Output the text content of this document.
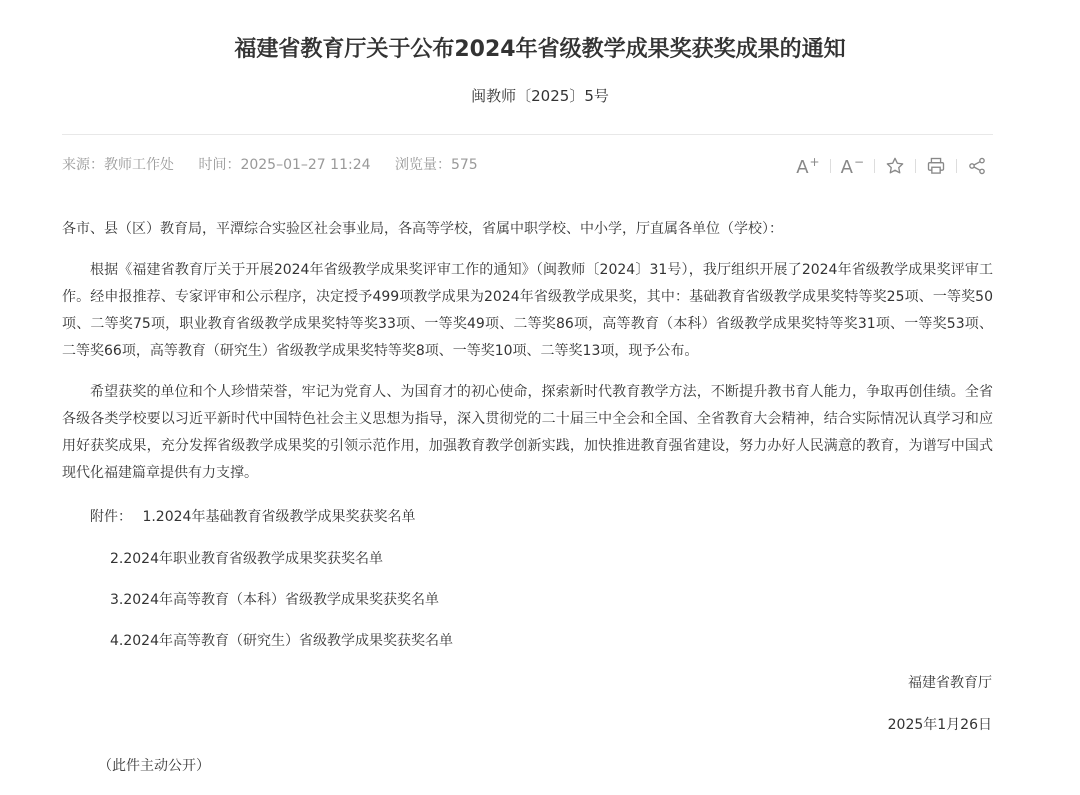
福建省教育厅关于公布2024年省级教学成果奖获奖成果的通知
闽教师〔2025〕5号
来源：教师工作处 时间：2025–01–27 11:24 浏览量：575	A+ A−

各市、县（区）教育局，平潭综合实验区社会事业局，各高等学校，省属中职学校、中小学，厅直属各单位（学校）：

根据《福建省教育厅关于开展2024年省级教学成果奖评审工作的通知》（闽教师〔2024〕31号），我厅组织开展了2024年省级教学成果奖评审工作。经申报推荐、专家评审和公示程序，决定授予499项教学成果为2024年省级教学成果奖，其中：基础教育省级教学成果奖特等奖25项、一等奖50项、二等奖75项，职业教育省级教学成果奖特等奖33项、一等奖49项、二等奖86项，高等教育（本科）省级教学成果奖特等奖31项、一等奖53项、二等奖66项，高等教育（研究生）省级教学成果奖特等奖8项、一等奖10项、二等奖13项，现予公布。

希望获奖的单位和个人珍惜荣誉，牢记为党育人、为国育才的初心使命，探索新时代教育教学方法，不断提升教书育人能力，争取再创佳绩。全省各级各类学校要以习近平新时代中国特色社会主义思想为指导，深入贯彻党的二十届三中全会和全国、全省教育大会精神，结合实际情况认真学习和应用好获奖成果，充分发挥省级教学成果奖的引领示范作用，加强教育教学创新实践，加快推进教育强省建设，努力办好人民满意的教育，为谱写中国式现代化福建篇章提供有力支撑。

附件： 1.2024年基础教育省级教学成果奖获奖名单
2.2024年职业教育省级教学成果奖获奖名单
3.2024年高等教育（本科）省级教学成果奖获奖名单
4.2024年高等教育（研究生）省级教学成果奖获奖名单
福建省教育厅
2025年1月26日
（此件主动公开）
